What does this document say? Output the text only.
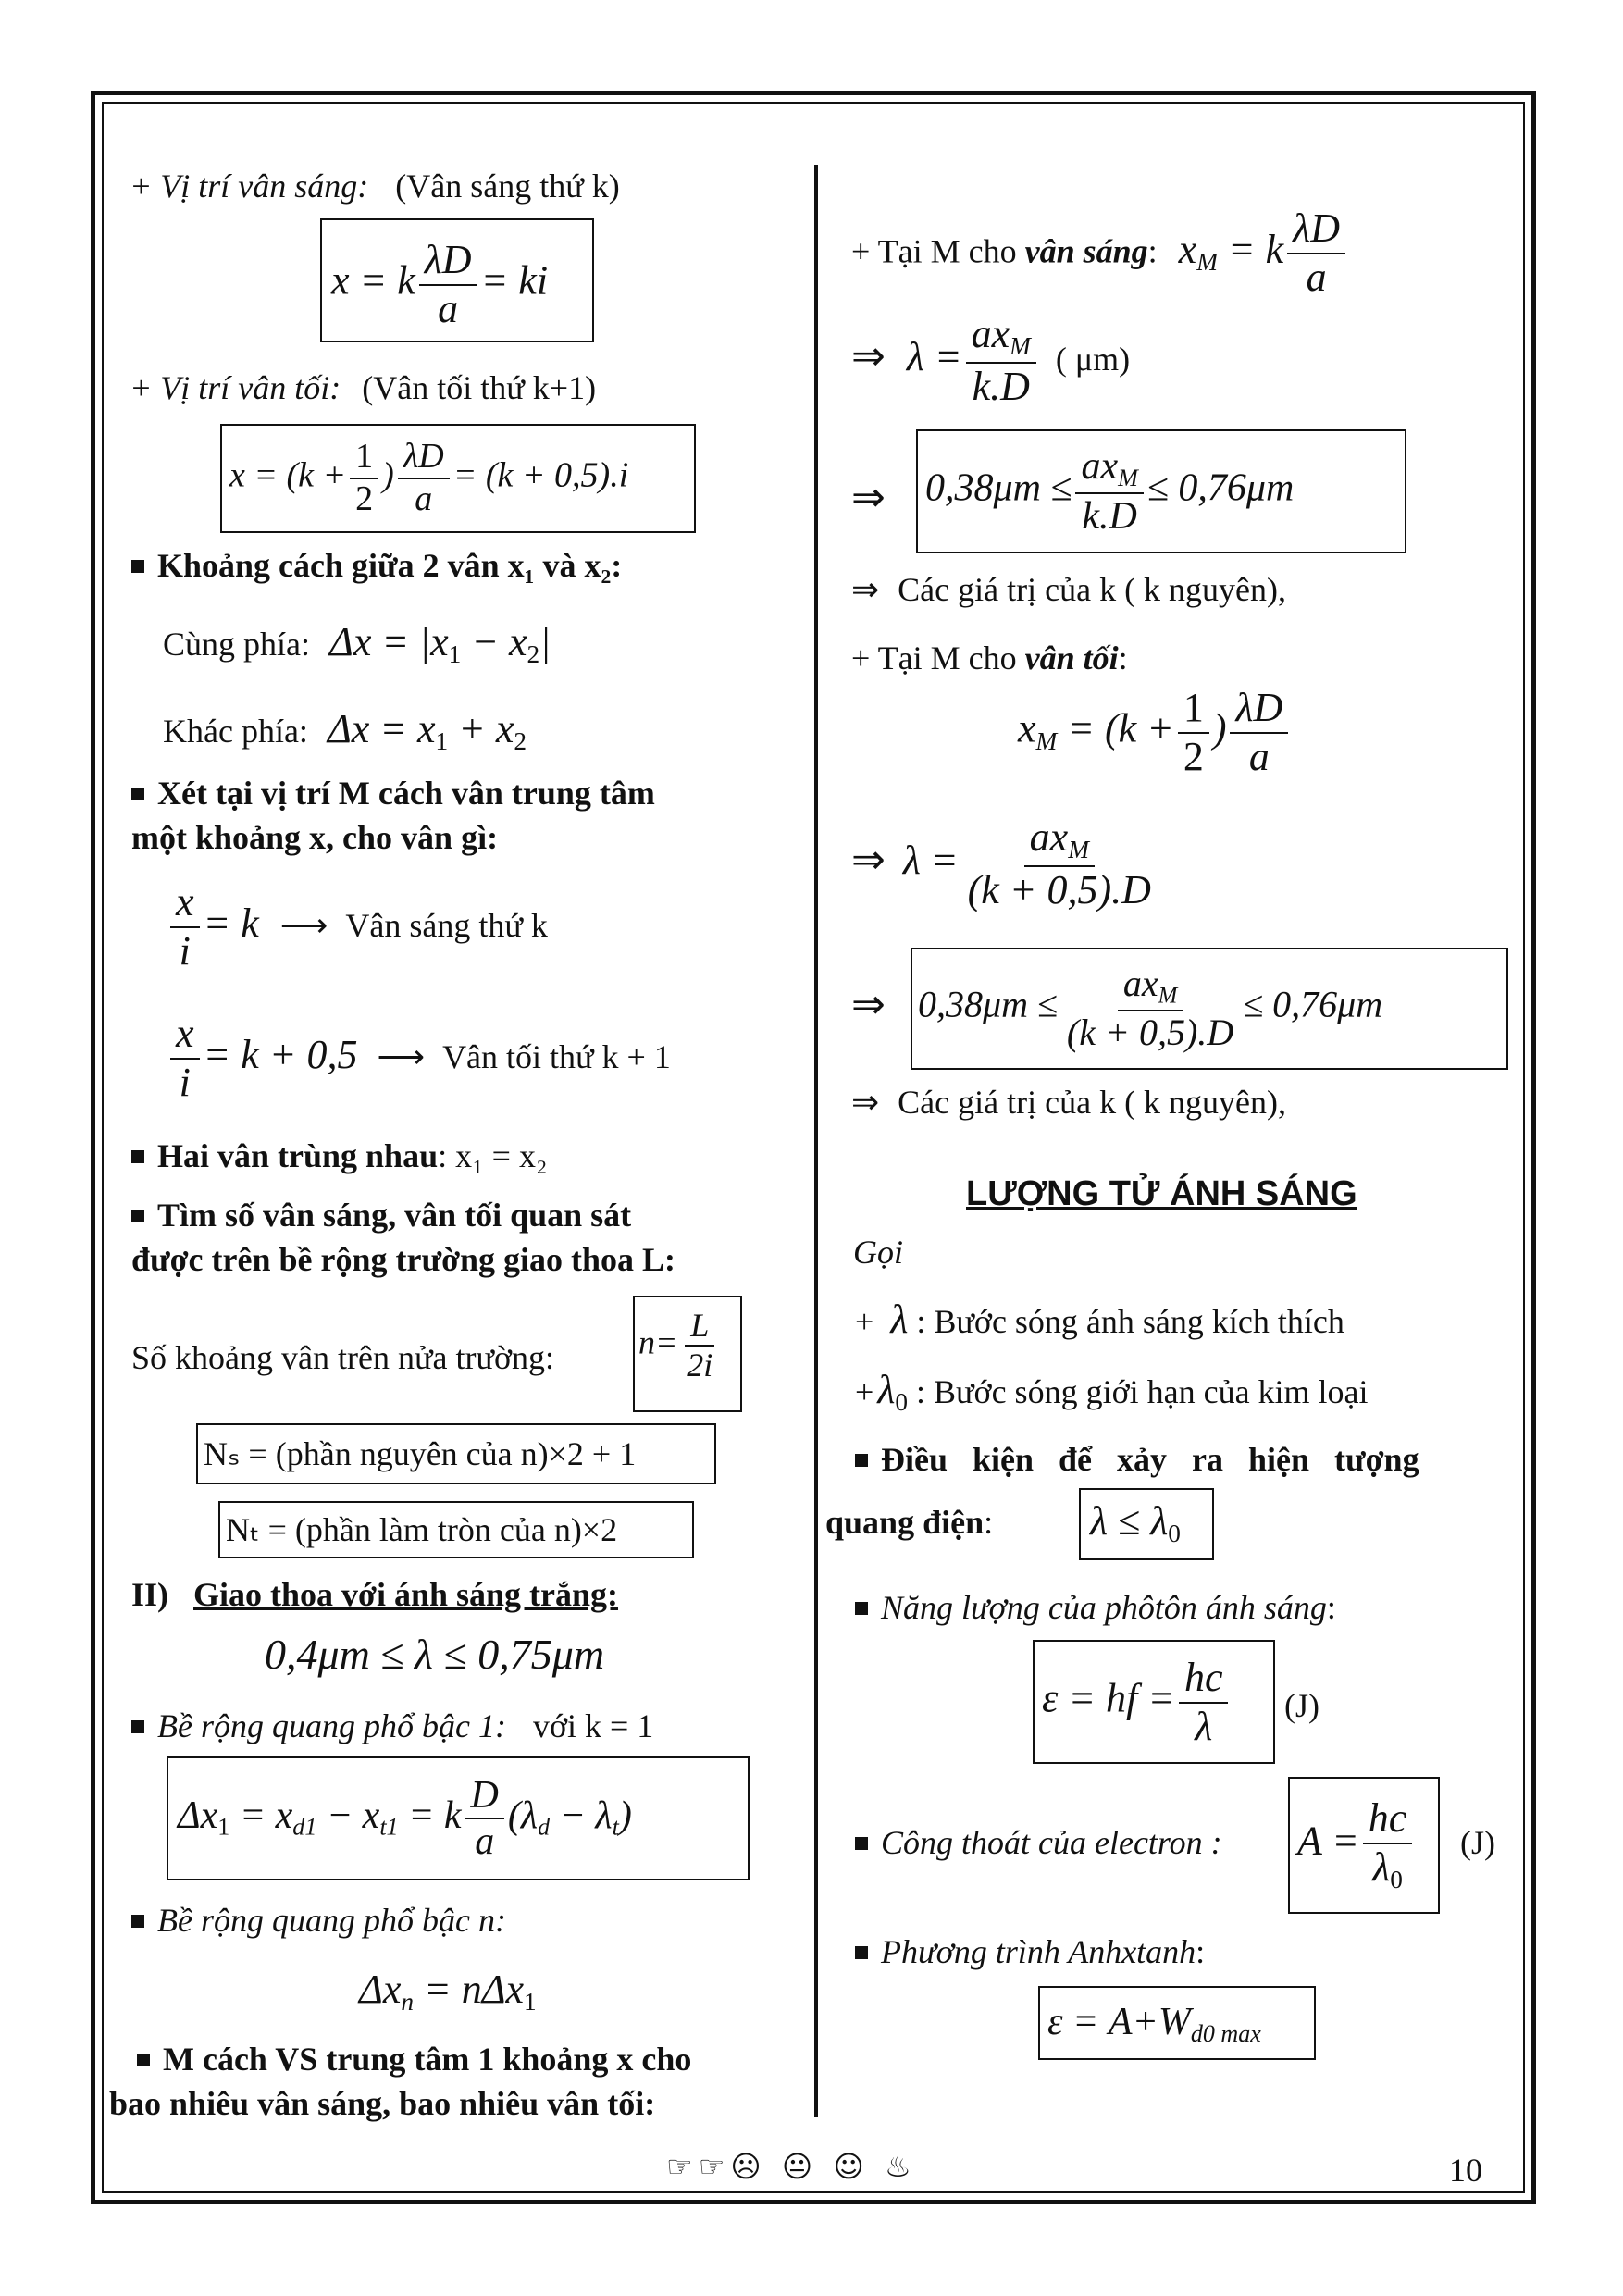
+ Vị trí vân sáng: (Vân sáng thứ k)
x = k $\frac{\lambda D}{a}$ = ki
+ Vị trí vân tối: (Vân tối thứ k+1)
$x = (k + \frac{1}{2}$ ) $\frac{\lambda D}{a} = (k + 0,5).i$
Khoảng cách giữa 2 vân x₁ và x₂:
Cùng phía: Δx = |x1 − x2|
Khác phía: Δx = x1 + x2
Xét tại vị trí M cách vân trung tâm
một khoảng x, cho vân gì:
$\frac{x}{i} = k$ ⟶ Vân sáng thứ k
$\frac{x}{i} = k + 0,5$ ⟶ Vân tối thứ k + 1
Hai vân trùng nhau: x₁ = x₂
Tìm số vân sáng, vân tối quan sát
được trên bề rộng trường giao thoa L:
Số khoảng vân trên nửa trường:	$n= \frac{L}{2i}$
Nₛ = (phần nguyên của n)×2 + 1
Nₜ = (phần làm tròn của n)×2
II) Giao thoa với ánh sáng trắng:
0,4μm ≤ λ ≤ 0,75μm
Bề rộng quang phổ bậc 1: với k = 1
$\Delta x1 = x_{d1} - x_{t1} = k \frac{D}{a} (\lambda_d - \lambda_t)$
Bề rộng quang phổ bậc n:
$\Delta x_n = n\Delta x1$
M cách VS trung tâm 1 khoảng x cho
bao nhiêu vân sáng, bao nhiêu vân tối:
+ Tại M cho vân sáng: $x_M = k \frac{\lambda D}{a}$
⇒ $\lambda = \frac{ax_M}{k.D}$ ( μm)
⇒ $0,38\mu m \le \frac{ax_M}{k.D} \le 0,76\mu m$
⇒ Các giá trị của k ( k nguyên),
+ Tại M cho vân tối:
$x_M = (k + \frac{1}{2}$ ) $\frac{\lambda D}{a}$
⇒ $\lambda = \frac{ax_M}{(k + 0,5).D}$
⇒ $0,38\mu m \le \frac{ax_M}{(k + 0,5).D} \le 0,76\mu m$
⇒ Các giá trị của k ( k nguyên),
LƯỢNG TỬ ÁNH SÁNG
Gọi
+ λ : Bước sóng ánh sáng kích thích
+λ0 : Bước sóng giới hạn của kim loại
Điều kiện để xảy ra hiện tượng
quang điện: λ ≤ λ0
Năng lượng của phôtôn ánh sáng:
ε = hf = $\frac{hc}{\lambda} (J)$
Công thoát của electron : $A = \frac{hc}{\lambda 0} (J)$
Phương trình Anhxtanh:
$\varepsilon = A+W_{d0 max}$
☞☞☹ 😐 ☺ ♨	10
